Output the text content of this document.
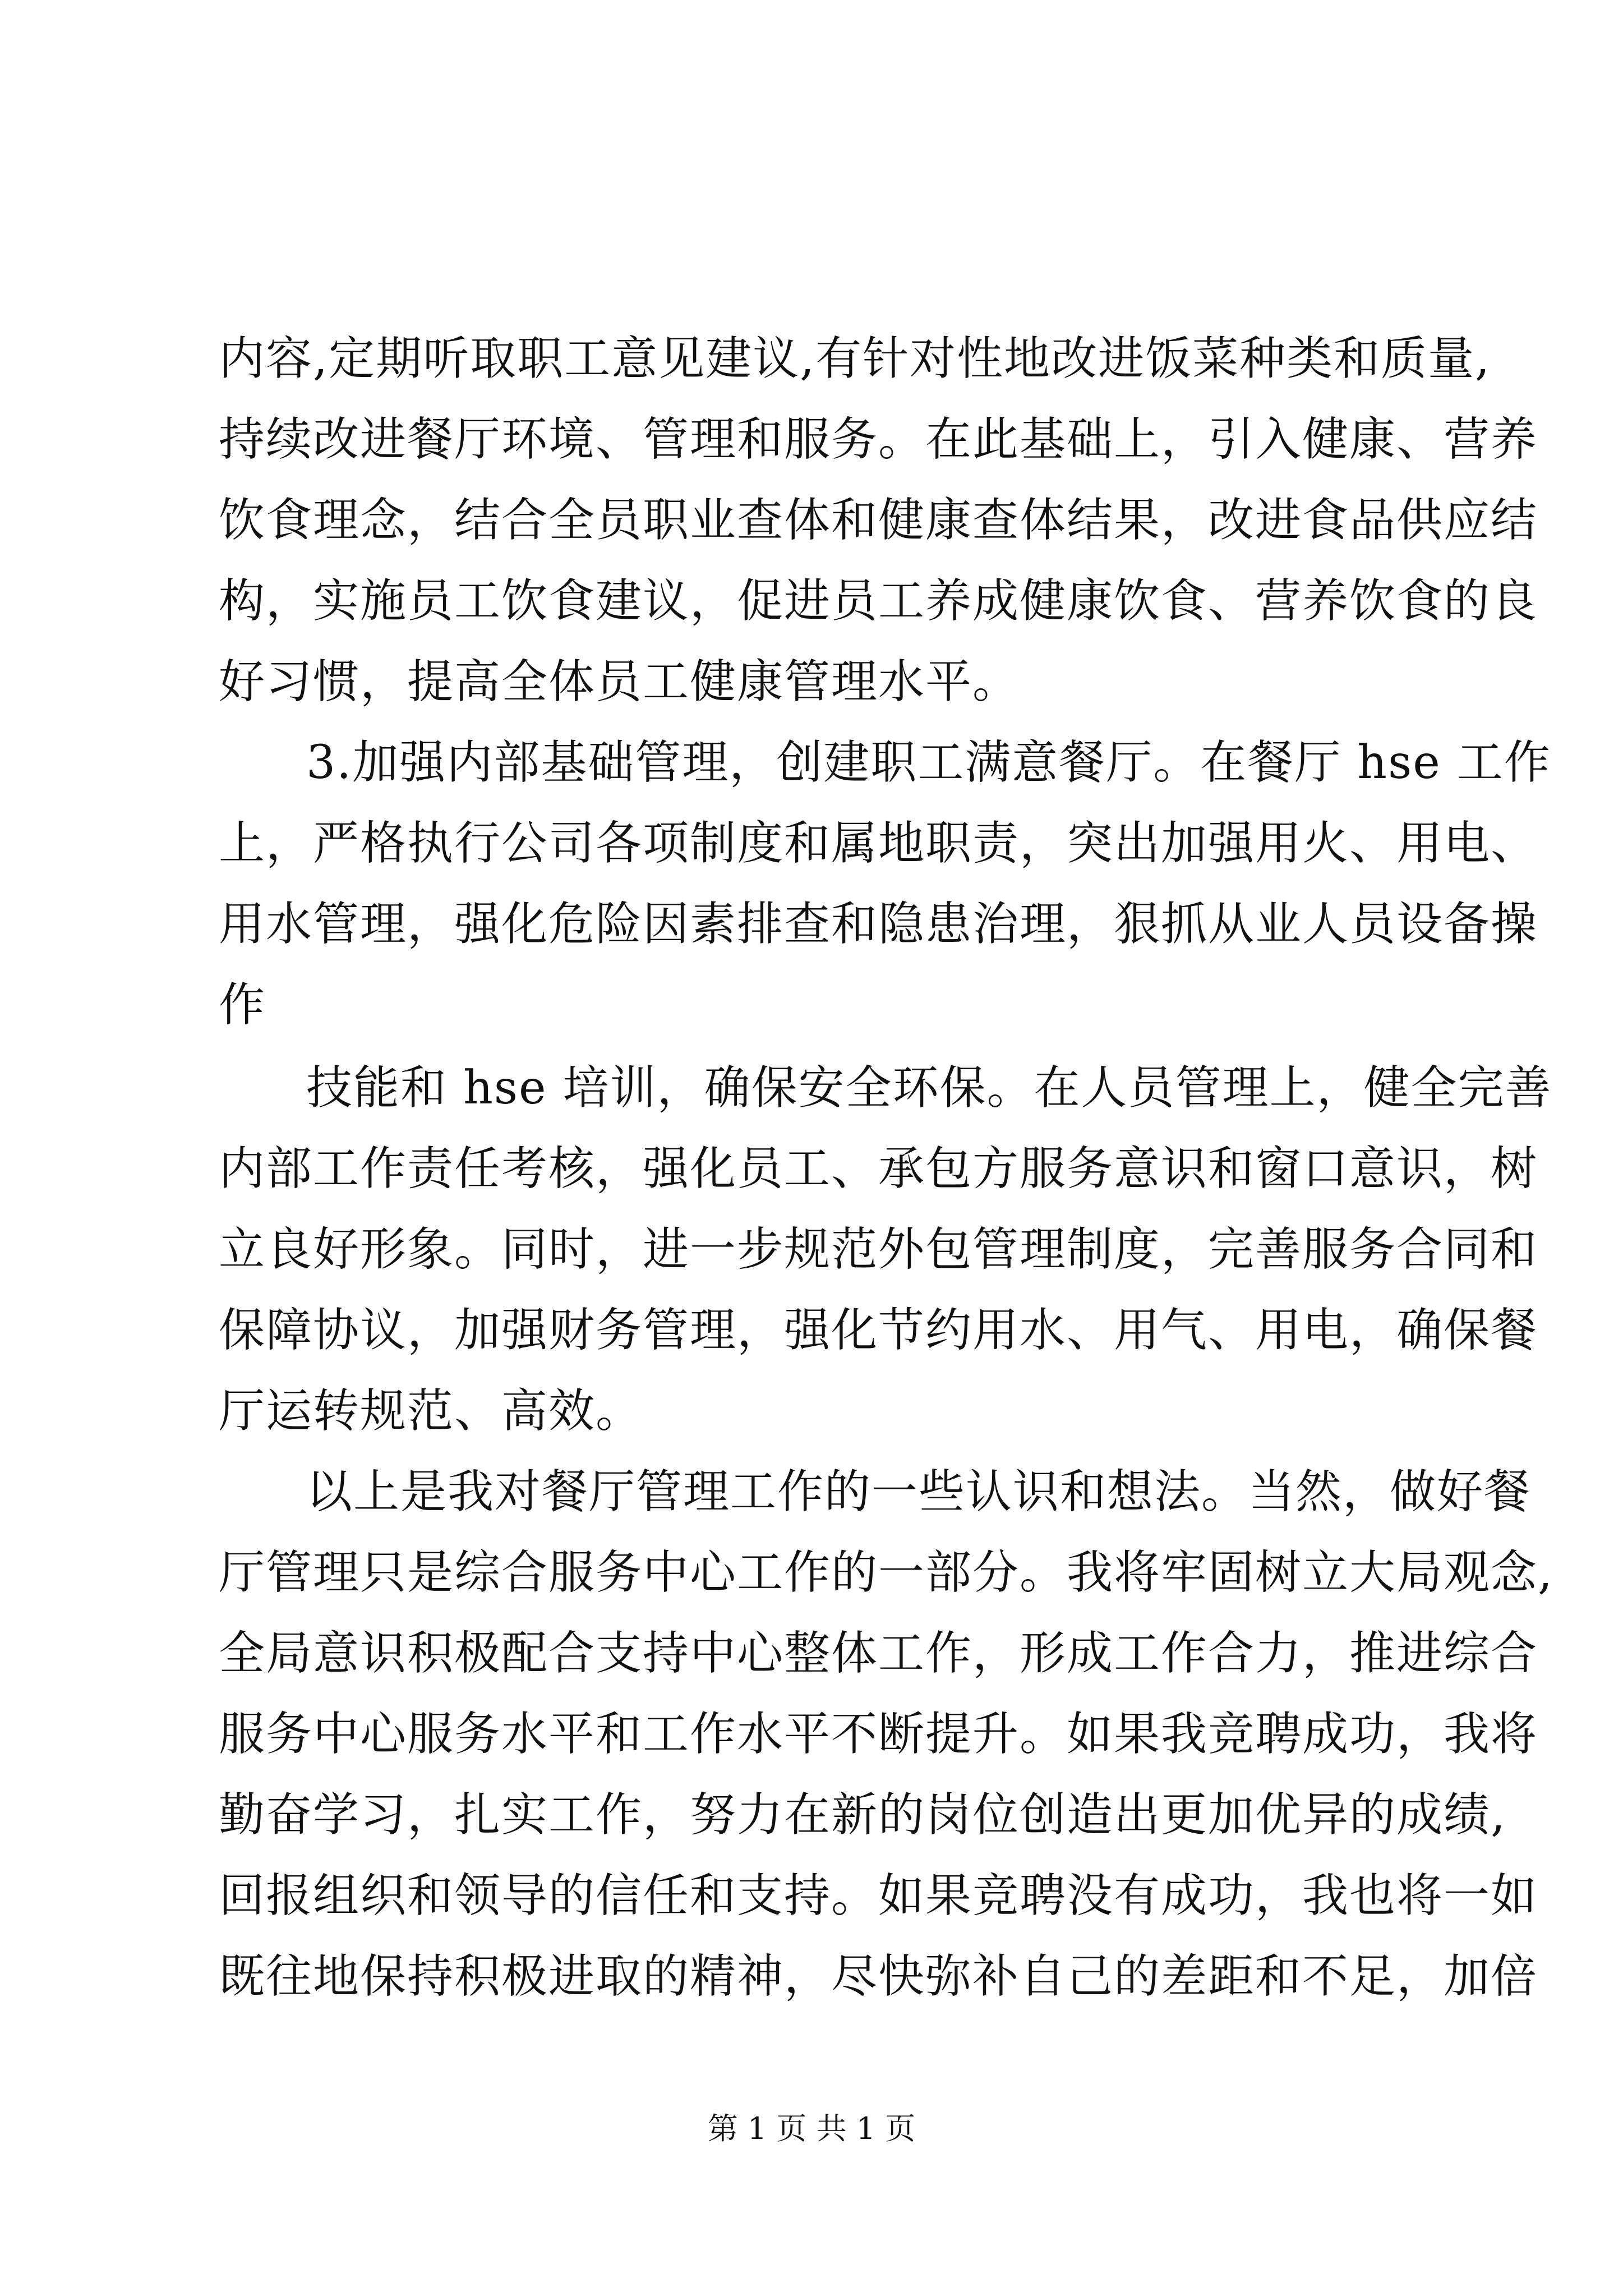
内容,定期听取职工意见建议,有针对性地改进饭菜种类和质量,
持续改进餐厅环境、管理和服务。在此基础上，引入健康、营养
饮食理念，结合全员职业查体和健康查体结果，改进食品供应结
构，实施员工饮食建议，促进员工养成健康饮食、营养饮食的良
好习惯，提高全体员工健康管理水平。
3.加强内部基础管理，创建职工满意餐厅。在餐厅 hse 工作
上，严格执行公司各项制度和属地职责，突出加强用火、用电、
用水管理，强化危险因素排查和隐患治理，狠抓从业人员设备操
作
技能和 hse 培训，确保安全环保。在人员管理上，健全完善
内部工作责任考核，强化员工、承包方服务意识和窗口意识，树
立良好形象。同时，进一步规范外包管理制度，完善服务合同和
保障协议，加强财务管理，强化节约用水、用气、用电，确保餐
厅运转规范、高效。
以上是我对餐厅管理工作的一些认识和想法。当然，做好餐
厅管理只是综合服务中心工作的一部分。我将牢固树立大局观念,
全局意识积极配合支持中心整体工作，形成工作合力，推进综合
服务中心服务水平和工作水平不断提升。如果我竞聘成功，我将
勤奋学习，扎实工作，努力在新的岗位创造出更加优异的成绩,
回报组织和领导的信任和支持。如果竞聘没有成功，我也将一如
既往地保持积极进取的精神，尽快弥补自己的差距和不足，加倍
第 1 页 共 1 页
